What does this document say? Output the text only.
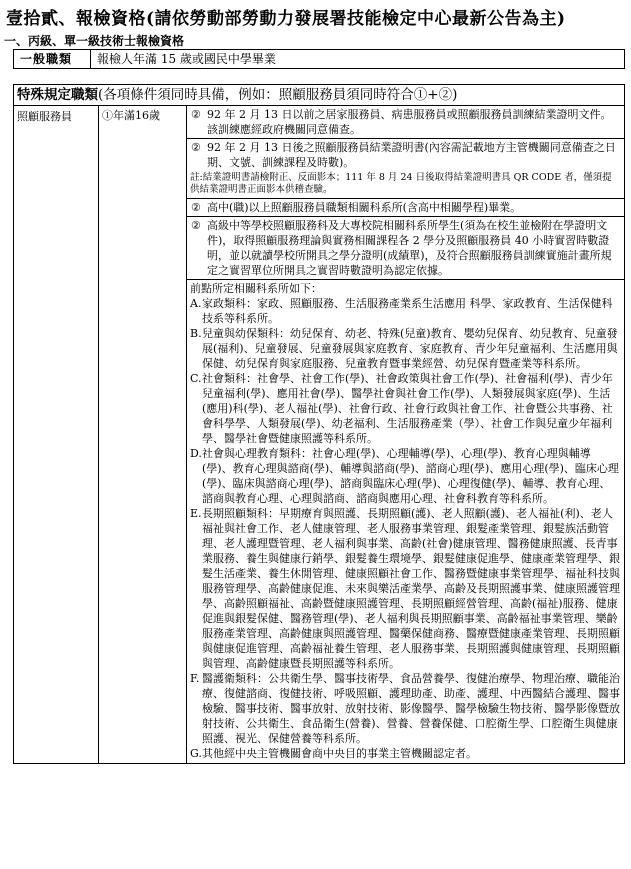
壹拾貳、報檢資格(請依勞動部勞動力發展署技能檢定中心最新公告為主)
一、丙級、單一級技術士報檢資格
一般職類	報檢人年滿 15 歲或國民中學畢業
特殊規定職類(各項條件須同時具備，例如：照顧服務員須同時符合①+②)
照顧服務員	①年滿16歲	② 92 年 2 月 13 日以前之居家服務員、病患服務員或照顧服務員訓練結業證明文件。該訓練應經政府機關同意備查。
② 92 年 2 月 13 日後之照顧服務員結業證明書(內容需記載地方主管機關同意備查之日期、文號、訓練課程及時數)。
註:結業證明書請檢附正、反面影本；111 年 8 月 24 日後取得結業證明書具 QR CODE 者，僅須提供結業證明書正面影本供稽查驗。
② 高中(職)以上照顧服務員職類相關科系所(含高中相關學程)畢業。
② 高級中等學校照顧服務科及大專校院相關科系所學生(須為在校生並檢附在學證明文件)，取得照顧服務理論與實務相關課程各 2 學分及照顧服務員 40 小時實習時數證明，並以就讀學校所開具之學分證明(成績單)，及符合照顧服務員訓練實施計畫所規定之實習單位所開具之實習時數證明為認定依據。
前點所定相關科系所如下：
A.家政類科：家政、照顧服務、生活服務產業系生活應用 科學、家政教育、生活保健科技系等科系所。
B.兒童與幼保類科：幼兒保育、幼老、特殊(兒童)教育、嬰幼兒保育、幼兒教育、兒童發展(福利)、兒童發展、兒童發展與家庭教育、家庭教育、青少年兒童福利、生活應用與保健、幼兒保育與家庭服務、兒童教育暨事業經營、幼兒保育暨產業等科系所。
C.社會類科：社會學、社會工作(學)、社會政策與社會工作(學)、社會福利(學)、青少年兒童福利(學)、應用社會(學)、醫學社會與社會工作(學)、人類發展與家庭(學)、生活(應用)科(學)、老人福祉(學)、社會行政、社會行政與社會工作、社會暨公共事務、社會科學學、人類發展(學)、幼老福利、生活服務產業（學）、社會工作與兒童少年福利學、醫學社會暨健康照護等科系所。
D.社會與心理教育類科：社會心理(學)、心理輔導(學)、心理(學)、教育心理與輔導(學)、教育心理與諮商(學)、輔導與諮商(學)、諮商心理(學)、應用心理(學)、臨床心理(學)、臨床與諮商心理(學)、諮商與臨床心理(學)、心理復健(學)、輔導、教育心理、諮商與教育心理、心理與諮商、諮商與應用心理、社會科教育等科系所。
E.長期照顧類科：早期療育與照護、長期照顧(護)、老人照顧(護)、老人福祉(利)、老人福祉與社會工作、老人健康管理、老人服務事業管理、銀髮產業管理、銀髮族活動管理、老人護理暨管理、老人福利與事業、高齡(社會)健康管理、醫務健康照護、長青事業服務、養生與健康行銷學、銀髮養生環境學、銀髮健康促進學、健康產業管理學、銀髮生活產業、養生休閒管理、健康照顧社會工作、醫務暨健康事業管理學、福祉科技與服務管理學、高齡健康促進、未來與樂活產業學、高齡及長期照護事業、健康照護管理學、高齡照顧福祉、高齡暨健康照護管理、長期照顧經營管理、高齡(福祉)服務、健康促進與銀髮保健、醫務管理(學)、老人福利與長期照顧事業、高齡福祉事業管理、樂齡服務產業管理、高齡健康與照護管理、醫藥保健商務、醫療暨健康產業管理、長期照顧與健康促進管理、高齡福祉養生管理、老人服務事業、長期照護與健康管理、長期照顧與管理、高齡健康暨長期照護等科系所。
F. 醫護衛類科：公共衛生學、醫事技術學、食品營養學、復健治療學、物理治療、職能治療、復健諮商、復健技術、呼吸照顧、護理助產、助產、護理、中西醫結合護理、醫事檢驗、醫事技術、醫事放射、放射技術、影像醫學、醫學檢驗生物技術、醫學影像暨放射技術、公共衛生、食品衛生(營養)、營養、營養保健、口腔衛生學、口腔衛生與健康照護、視光、保健營養等科系所。
G.其他經中央主管機關會商中央目的事業主管機關認定者。
